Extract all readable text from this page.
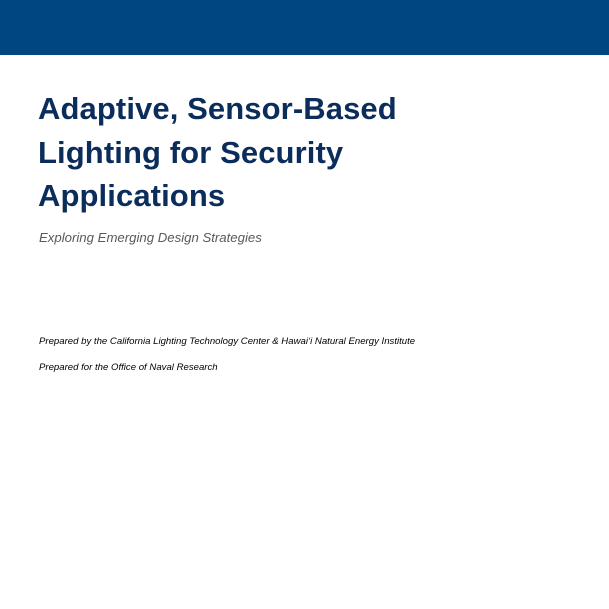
Adaptive, Sensor-Based
Lighting for Security
Applications

Exploring Emerging Design Strategies

Prepared by the California Lighting Technology Center & Hawaiʻi Natural Energy Institute

Prepared for the Office of Naval Research
